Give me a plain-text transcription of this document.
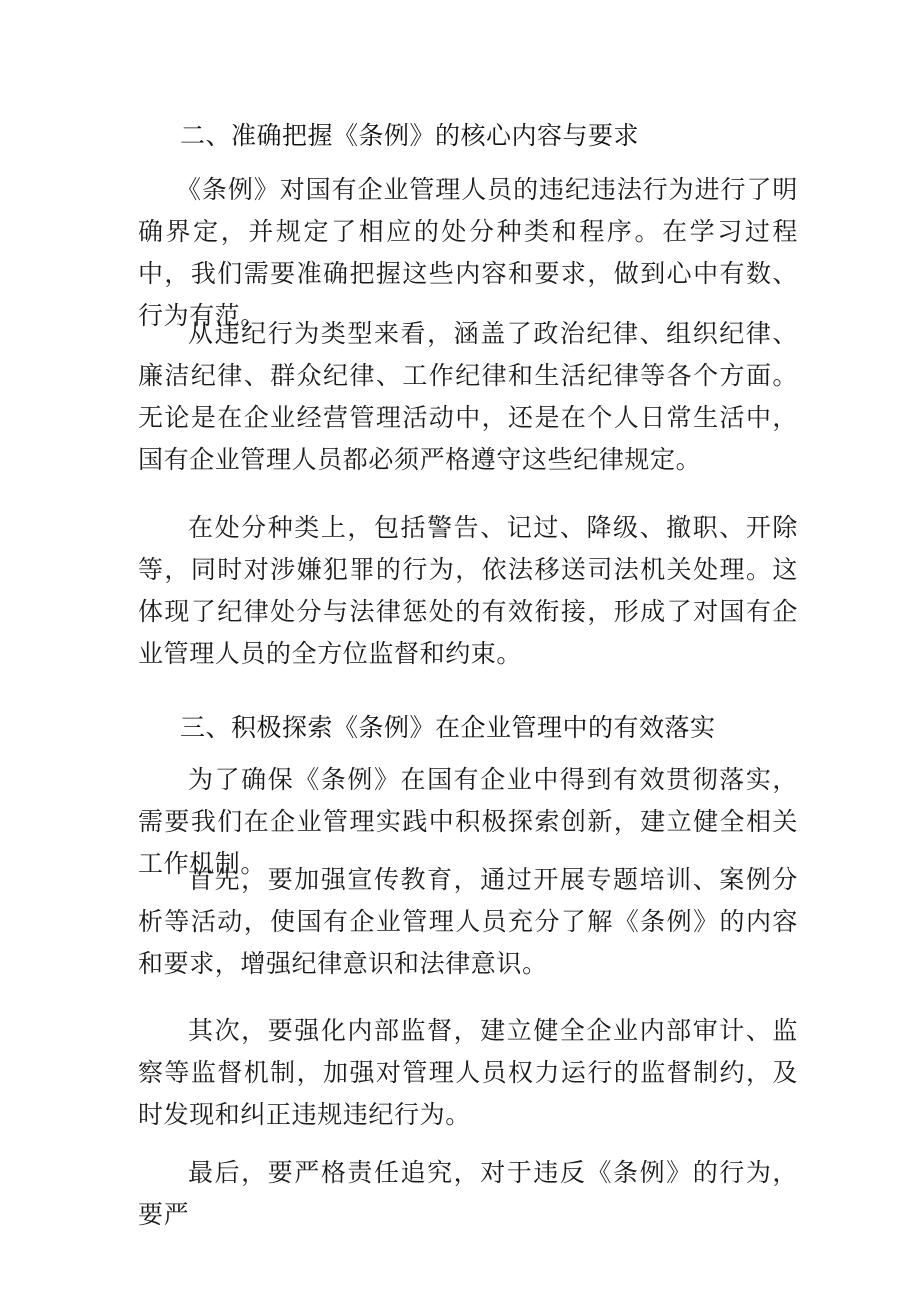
二、准确把握《条例》的核心内容与要求

《条例》对国有企业管理人员的违纪违法行为进行了明确界定，并规定了相应的处分种类和程序。在学习过程中，我们需要准确把握这些内容和要求，做到心中有数、行为有范。

从违纪行为类型来看，涵盖了政治纪律、组织纪律、廉洁纪律、群众纪律、工作纪律和生活纪律等各个方面。无论是在企业经营管理活动中，还是在个人日常生活中，国有企业管理人员都必须严格遵守这些纪律规定。

在处分种类上，包括警告、记过、降级、撤职、开除等，同时对涉嫌犯罪的行为，依法移送司法机关处理。这体现了纪律处分与法律惩处的有效衔接，形成了对国有企业管理人员的全方位监督和约束。

三、积极探索《条例》在企业管理中的有效落实

为了确保《条例》在国有企业中得到有效贯彻落实，需要我们在企业管理实践中积极探索创新，建立健全相关工作机制。

首先，要加强宣传教育，通过开展专题培训、案例分析等活动，使国有企业管理人员充分了解《条例》的内容和要求，增强纪律意识和法律意识。

其次，要强化内部监督，建立健全企业内部审计、监察等监督机制，加强对管理人员权力运行的监督制约，及时发现和纠正违规违纪行为。

最后，要严格责任追究，对于违反《条例》的行为，要严
